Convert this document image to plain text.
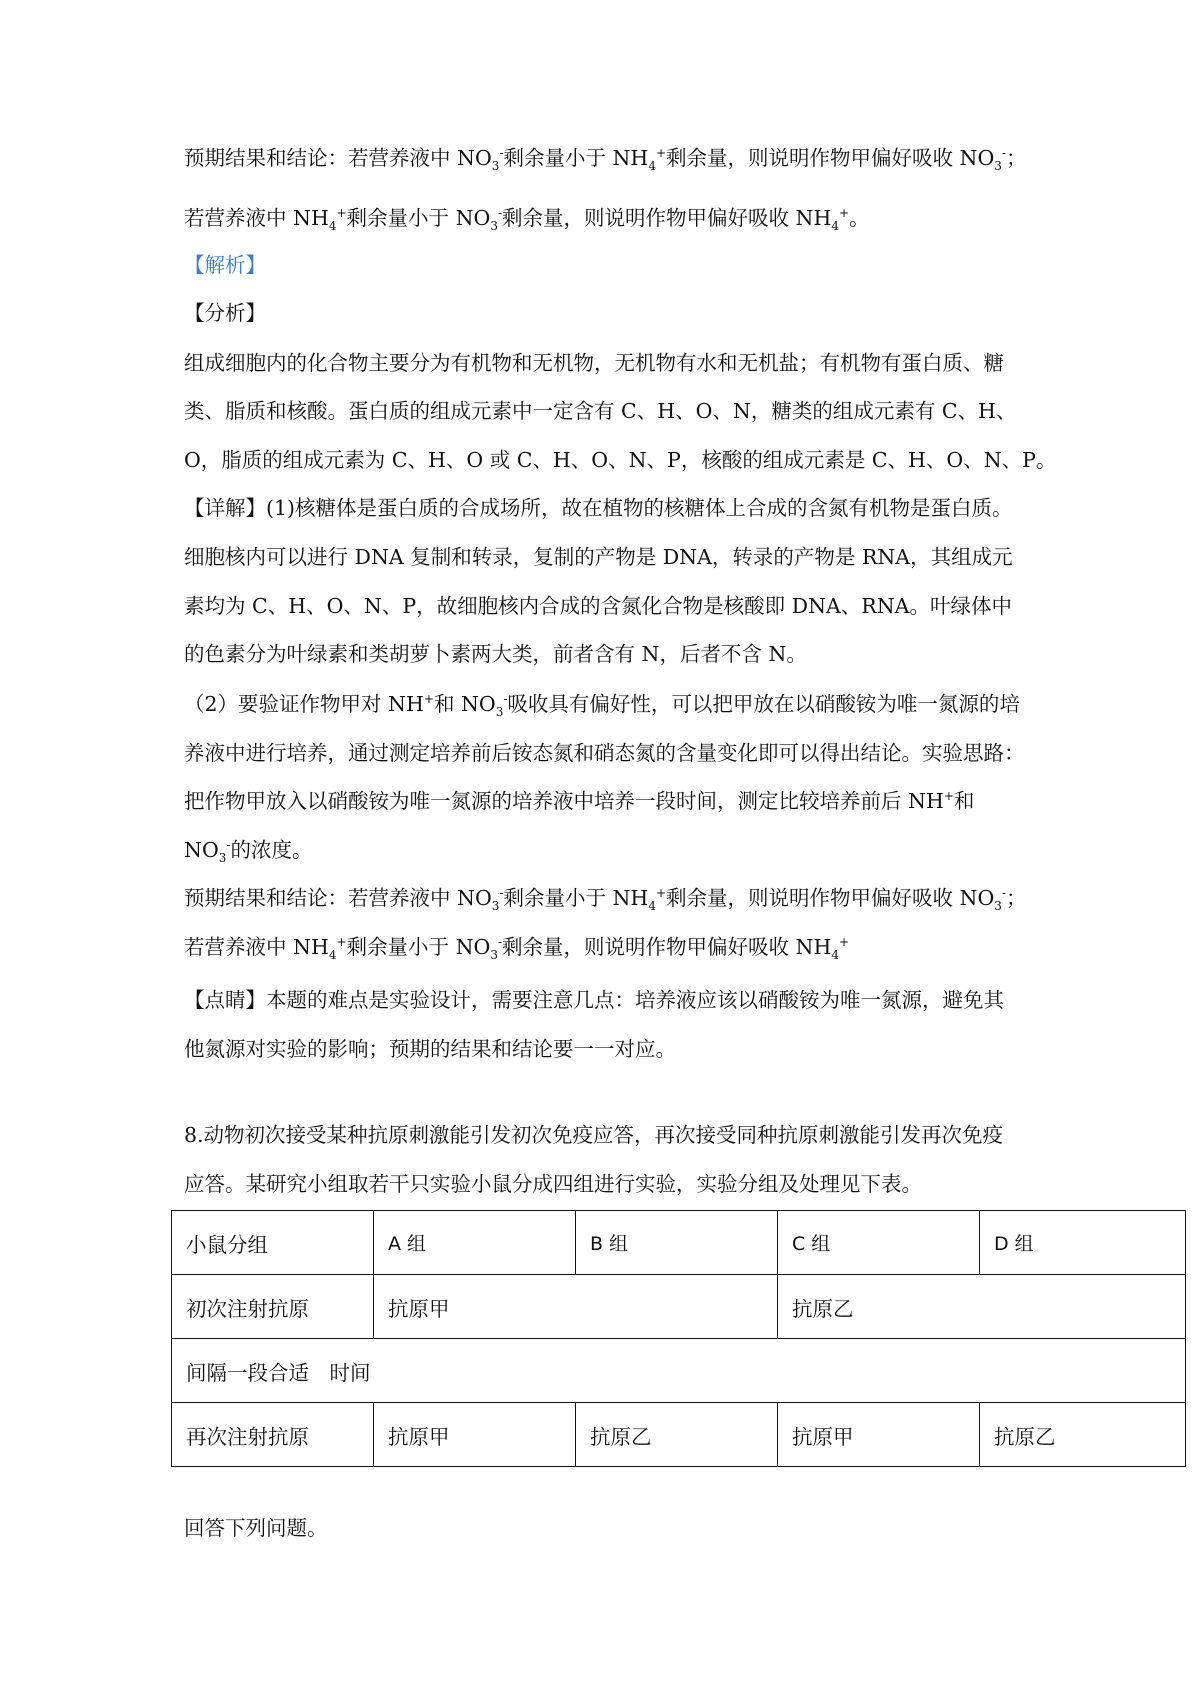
预期结果和结论：若营养液中 $NO_3^-$剩余量小于 $NH_4^+$剩余量，则说明作物甲偏好吸收 $NO_3^-$；
若营养液中 $NH_4^+$剩余量小于 $NO_3^-$剩余量，则说明作物甲偏好吸收 $NH_4^+$。
【解析】
【分析】
组成细胞内的化合物主要分为有机物和无机物，无机物有水和无机盐；有机物有蛋白质、糖
类、脂质和核酸。蛋白质的组成元素中一定含有 C、H、O、N，糖类的组成元素有 C、H、
O，脂质的组成元素为 C、H、O 或 C、H、O、N、P，核酸的组成元素是 C、H、O、N、P。
【详解】(1)核糖体是蛋白质的合成场所，故在植物的核糖体上合成的含氮有机物是蛋白质。
细胞核内可以进行 DNA 复制和转录，复制的产物是 DNA，转录的产物是 RNA，其组成元
素均为 C、H、O、N、P，故细胞核内合成的含氮化合物是核酸即 DNA、RNA。叶绿体中
的色素分为叶绿素和类胡萝卜素两大类，前者含有 N，后者不含 N。
（2）要验证作物甲对 NH+和 $NO_3^-$吸收具有偏好性，可以把甲放在以硝酸铵为唯一氮源的培
养液中进行培养，通过测定培养前后铵态氮和硝态氮的含量变化即可以得出结论。实验思路：
把作物甲放入以硝酸铵为唯一氮源的培养液中培养一段时间，测定比较培养前后 NH+和
$NO_3^-$的浓度。
预期结果和结论：若营养液中 $NO_3^-$剩余量小于 $NH_4^+$剩余量，则说明作物甲偏好吸收 $NO_3^-$；
若营养液中 $NH_4^+$剩余量小于 $NO_3^-$剩余量，则说明作物甲偏好吸收 $NH_4^+$
【点睛】本题的难点是实验设计，需要注意几点：培养液应该以硝酸铵为唯一氮源，避免其
他氮源对实验的影响；预期的结果和结论要一一对应。
8.动物初次接受某种抗原刺激能引发初次免疫应答，再次接受同种抗原刺激能引发再次免疫
应答。某研究小组取若干只实验小鼠分成四组进行实验，实验分组及处理见下表。
小鼠分组	A 组	B 组	C 组	D 组
初次注射抗原	抗原甲		抗原乙	
间隔一段合适　时间				
再次注射抗原	抗原甲	抗原乙	抗原甲	抗原乙
回答下列问题。
